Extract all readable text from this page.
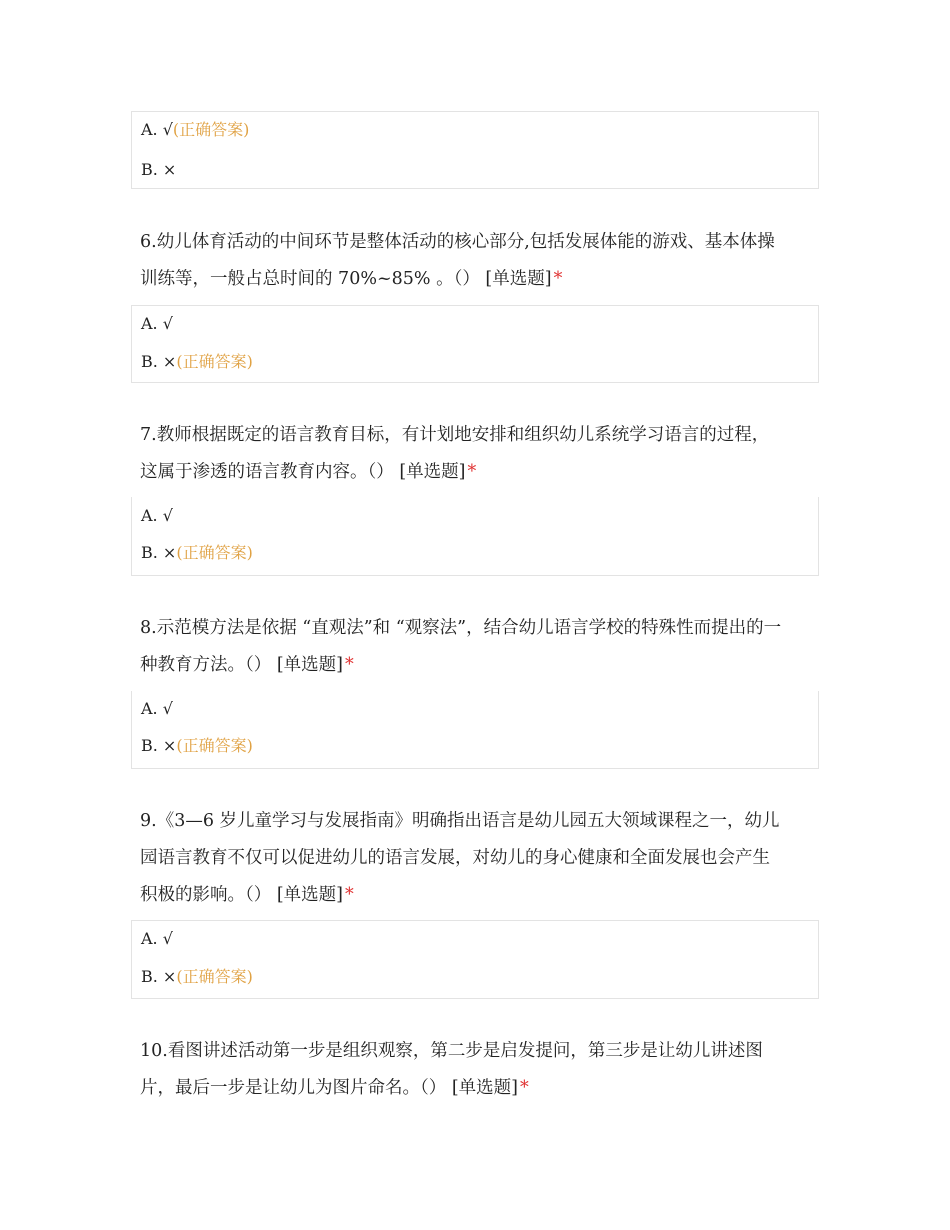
A. √(正确答案)
B. ×
6.幼儿体育活动的中间环节是整体活动的核心部分,包括发展体能的游戏、基本体操
训练等，一般占总时间的 70%~85% 。（） [单选题] *
A. √
B. ×(正确答案)
7.教师根据既定的语言教育目标，有计划地安排和组织幼儿系统学习语言的过程，
这属于渗透的语言教育内容。（） [单选题] *
A. √
B. ×(正确答案)
8.示范模方法是依据 “直观法”和 “观察法”，结合幼儿语言学校的特殊性而提出的一
种教育方法。（） [单选题] *
A. √
B. ×(正确答案)
9.《3—6 岁儿童学习与发展指南》明确指出语言是幼儿园五大领域课程之一，幼儿
园语言教育不仅可以促进幼儿的语言发展，对幼儿的身心健康和全面发展也会产生
积极的影响。（） [单选题] *
A. √
B. ×(正确答案)
10.看图讲述活动第一步是组织观察，第二步是启发提问，第三步是让幼儿讲述图
片，最后一步是让幼儿为图片命名。（） [单选题] *
